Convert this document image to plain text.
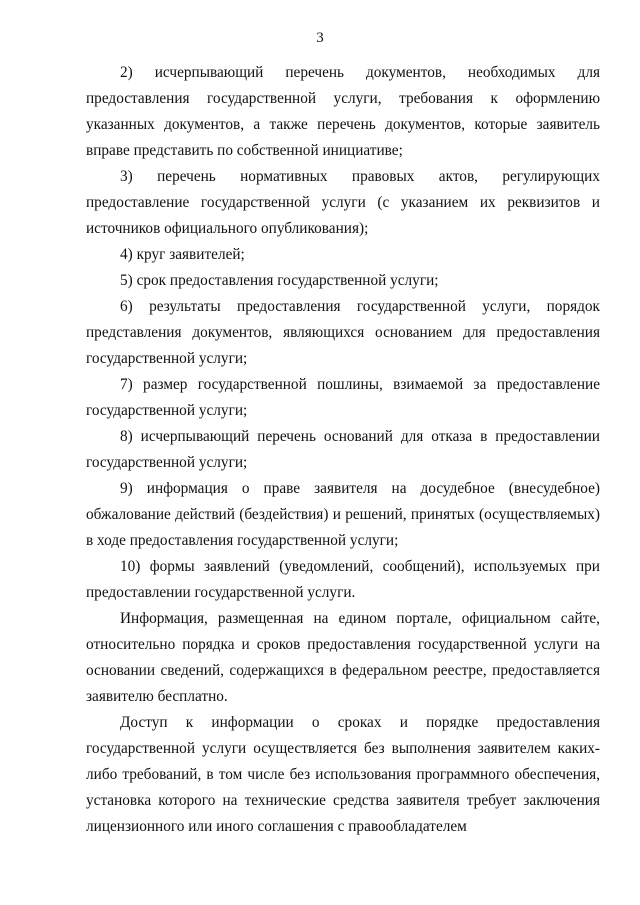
3

2) исчерпывающий перечень документов, необходимых для предоставления государственной услуги, требования к оформлению указанных документов, а также перечень документов, которые заявитель вправе представить по собственной инициативе;

3) перечень нормативных правовых актов, регулирующих предоставление государственной услуги (с указанием их реквизитов и источников официального опубликования);

4) круг заявителей;

5) срок предоставления государственной услуги;

6) результаты предоставления государственной услуги, порядок представления документов, являющихся основанием для предоставления государственной услуги;

7) размер государственной пошлины, взимаемой за предоставление государственной услуги;

8) исчерпывающий перечень оснований для отказа в предоставлении государственной услуги;

9) информация о праве заявителя на досудебное (внесудебное) обжалование действий (бездействия) и решений, принятых (осуществляемых) в ходе предоставления государственной услуги;

10) формы заявлений (уведомлений, сообщений), используемых при предоставлении государственной услуги.

Информация, размещенная на едином портале, официальном сайте, относительно порядка и сроков предоставления государственной услуги на основании сведений, содержащихся в федеральном реестре, предоставляется заявителю бесплатно.

Доступ к информации о сроках и порядке предоставления государственной услуги осуществляется без выполнения заявителем каких-либо требований, в том числе без использования программного обеспечения, установка которого на технические средства заявителя требует заключения лицензионного или иного соглашения с правообладателем
